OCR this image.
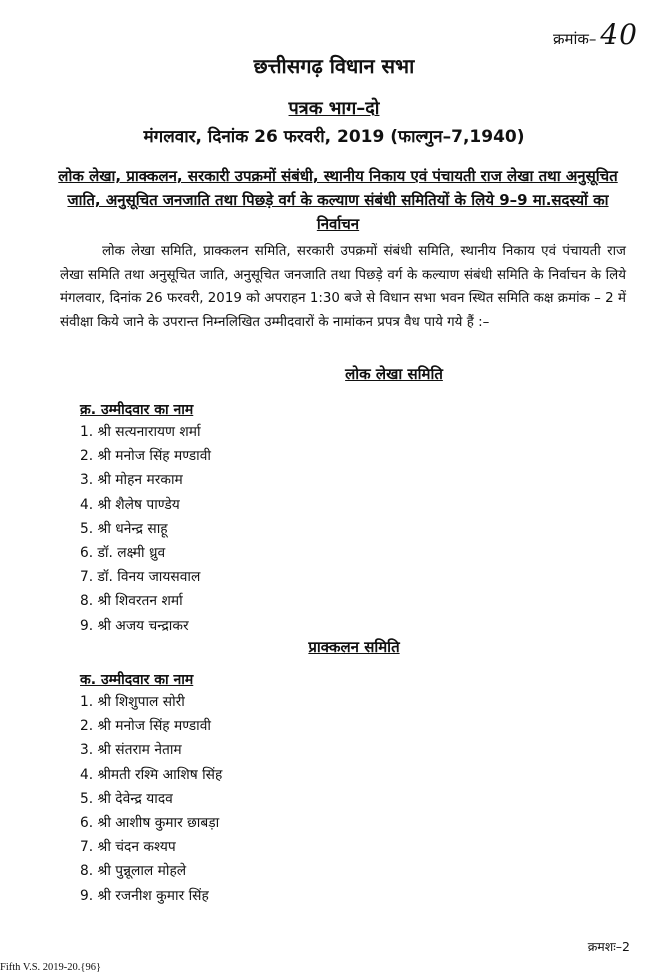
क्रमांक– 40
छत्तीसगढ़ विधान सभा
पत्रक भाग–दो
मंगलवार, दिनांक 26 फरवरी, 2019 (फाल्गुन–7,1940)
लोक लेखा, प्राक्कलन, सरकारी उपक्रमों संबंधी, स्थानीय निकाय एवं पंचायती राज लेखा तथा अनुसूचित जाति, अनुसूचित जनजाति तथा पिछड़े वर्ग के कल्याण संबंधी समितियों के लिये 9–9 मा.सदस्यों का निर्वाचन
लोक लेखा समिति, प्राक्कलन समिति, सरकारी उपक्रमों संबंधी समिति, स्थानीय निकाय एवं पंचायती राज लेखा समिति तथा अनुसूचित जाति, अनुसूचित जनजाति तथा पिछड़े वर्ग के कल्याण संबंधी समिति के निर्वाचन के लिये मंगलवार, दिनांक 26 फरवरी, 2019 को अपराहन 1:30 बजे से विधान सभा भवन स्थित समिति कक्ष क्रमांक – 2 में संवीक्षा किये जाने के उपरान्त निम्नलिखित उम्मीदवारों के नामांकन प्रपत्र वैध पाये गये हैं :–
लोक लेखा समिति
क्र. उम्मीदवार का नाम
1. श्री सत्यनारायण शर्मा
2. श्री मनोज सिंह मण्डावी
3. श्री मोहन मरकाम
4. श्री शैलेष पाण्डेय
5. श्री धनेन्द्र साहू
6. डॉ. लक्ष्मी ध्रुव
7. डॉ. विनय जायसवाल
8. श्री शिवरतन शर्मा
9. श्री अजय चन्द्राकर
प्राक्कलन समिति
क. उम्मीदवार का नाम
1. श्री शिशुपाल सोरी
2. श्री मनोज सिंह मण्डावी
3. श्री संतराम नेताम
4. श्रीमती रश्मि आशिष सिंह
5. श्री देवेन्द्र यादव
6. श्री आशीष कुमार छाबड़ा
7. श्री चंदन कश्यप
8. श्री पुन्नूलाल मोहले
9. श्री रजनीश कुमार सिंह
क्रमशः–2
Fifth V.S. 2019-20.{96}
